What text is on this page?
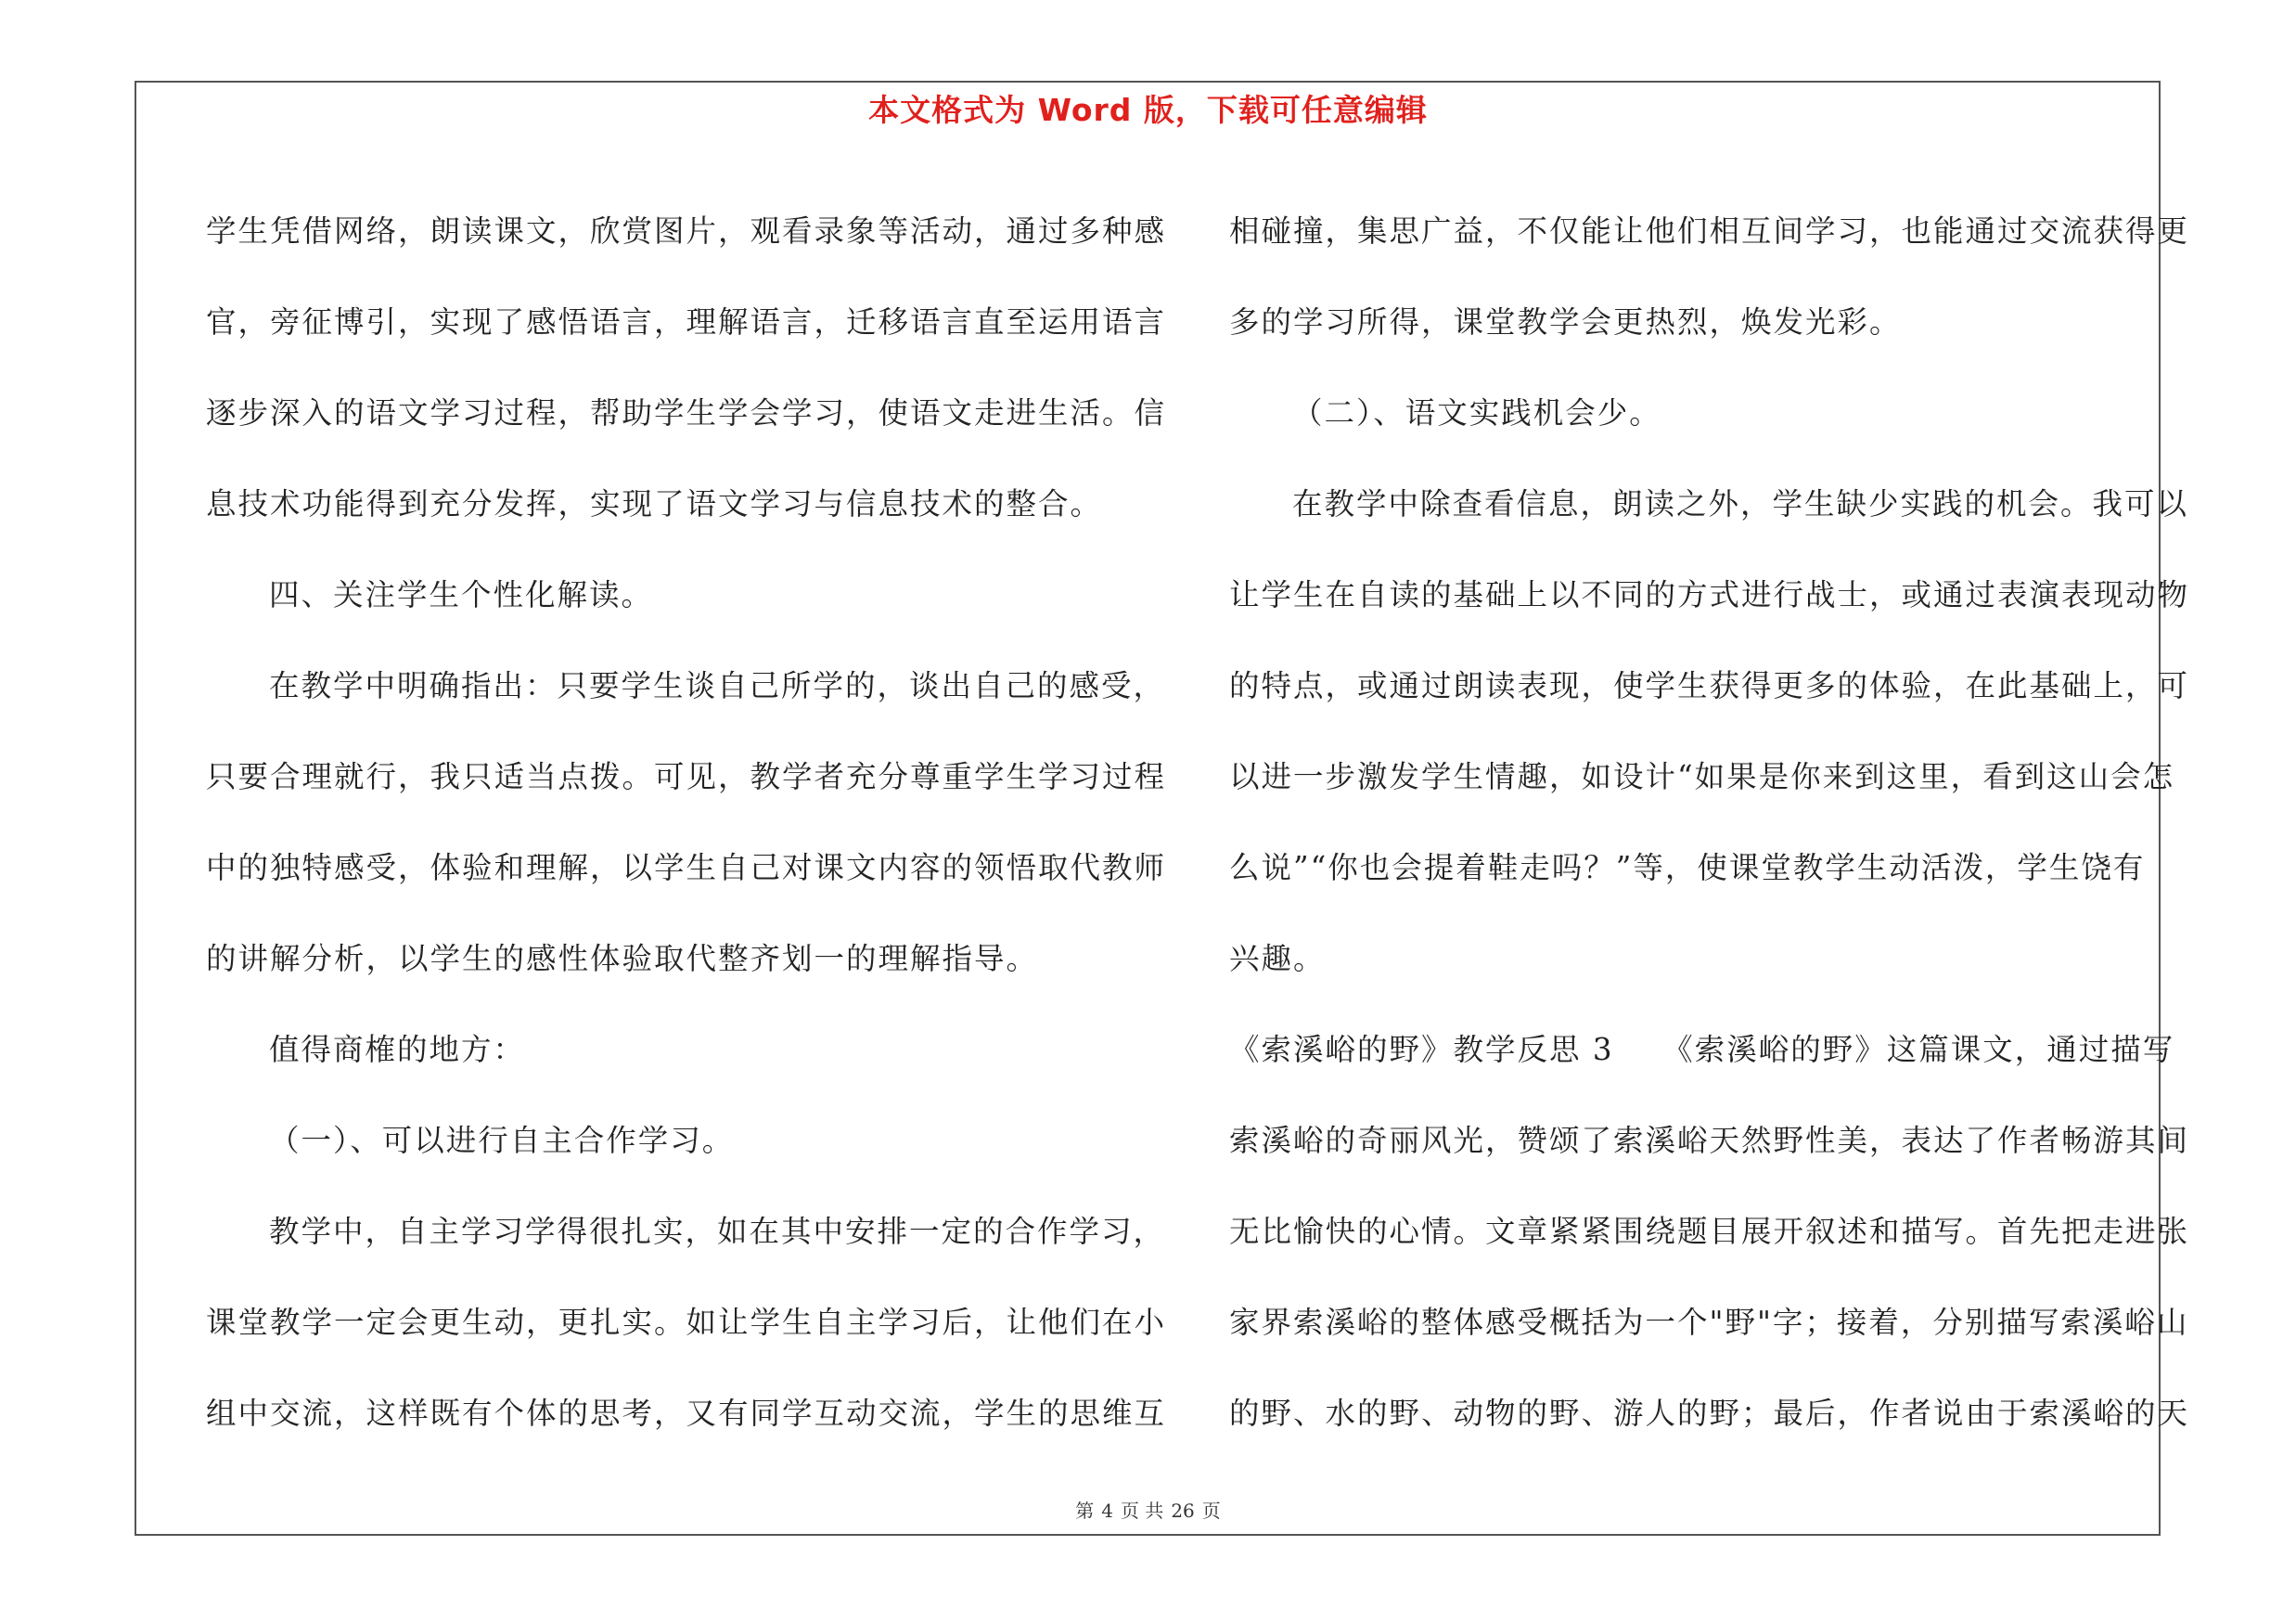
本文格式为 Word 版，下载可任意编辑

学生凭借网络，朗读课文，欣赏图片，观看录象等活动，通过多种感

官，旁征博引，实现了感悟语言，理解语言，迁移语言直至运用语言

逐步深入的语文学习过程，帮助学生学会学习，使语文走进生活。信

息技术功能得到充分发挥，实现了语文学习与信息技术的整合。

四、关注学生个性化解读。

在教学中明确指出：只要学生谈自己所学的，谈出自己的感受，

只要合理就行，我只适当点拨。可见，教学者充分尊重学生学习过程

中的独特感受，体验和理解，以学生自己对课文内容的领悟取代教师

的讲解分析，以学生的感性体验取代整齐划一的理解指导。

值得商榷的地方：

（一）、可以进行自主合作学习。

教学中，自主学习学得很扎实，如在其中安排一定的合作学习，

课堂教学一定会更生动，更扎实。如让学生自主学习后，让他们在小

组中交流，这样既有个体的思考，又有同学互动交流，学生的思维互

相碰撞，集思广益，不仅能让他们相互间学习，也能通过交流获得更

多的学习所得，课堂教学会更热烈，焕发光彩。

（二）、语文实践机会少。

在教学中除查看信息，朗读之外，学生缺少实践的机会。我可以

让学生在自读的基础上以不同的方式进行战士，或通过表演表现动物

的特点，或通过朗读表现，使学生获得更多的体验，在此基础上，可

以进一步激发学生情趣，如设计“如果是你来到这里，看到这山会怎

么说”“你也会提着鞋走吗？”等，使课堂教学生动活泼，学生饶有

兴趣。

《索溪峪的野》教学反思 3　　《索溪峪的野》这篇课文，通过描写

索溪峪的奇丽风光，赞颂了索溪峪天然野性美，表达了作者畅游其间

无比愉快的心情。文章紧紧围绕题目展开叙述和描写。首先把走进张

家界索溪峪的整体感受概括为一个"野"字；接着，分别描写索溪峪山

的野、水的野、动物的野、游人的野；最后，作者说由于索溪峪的天

第 4 页 共 26 页
